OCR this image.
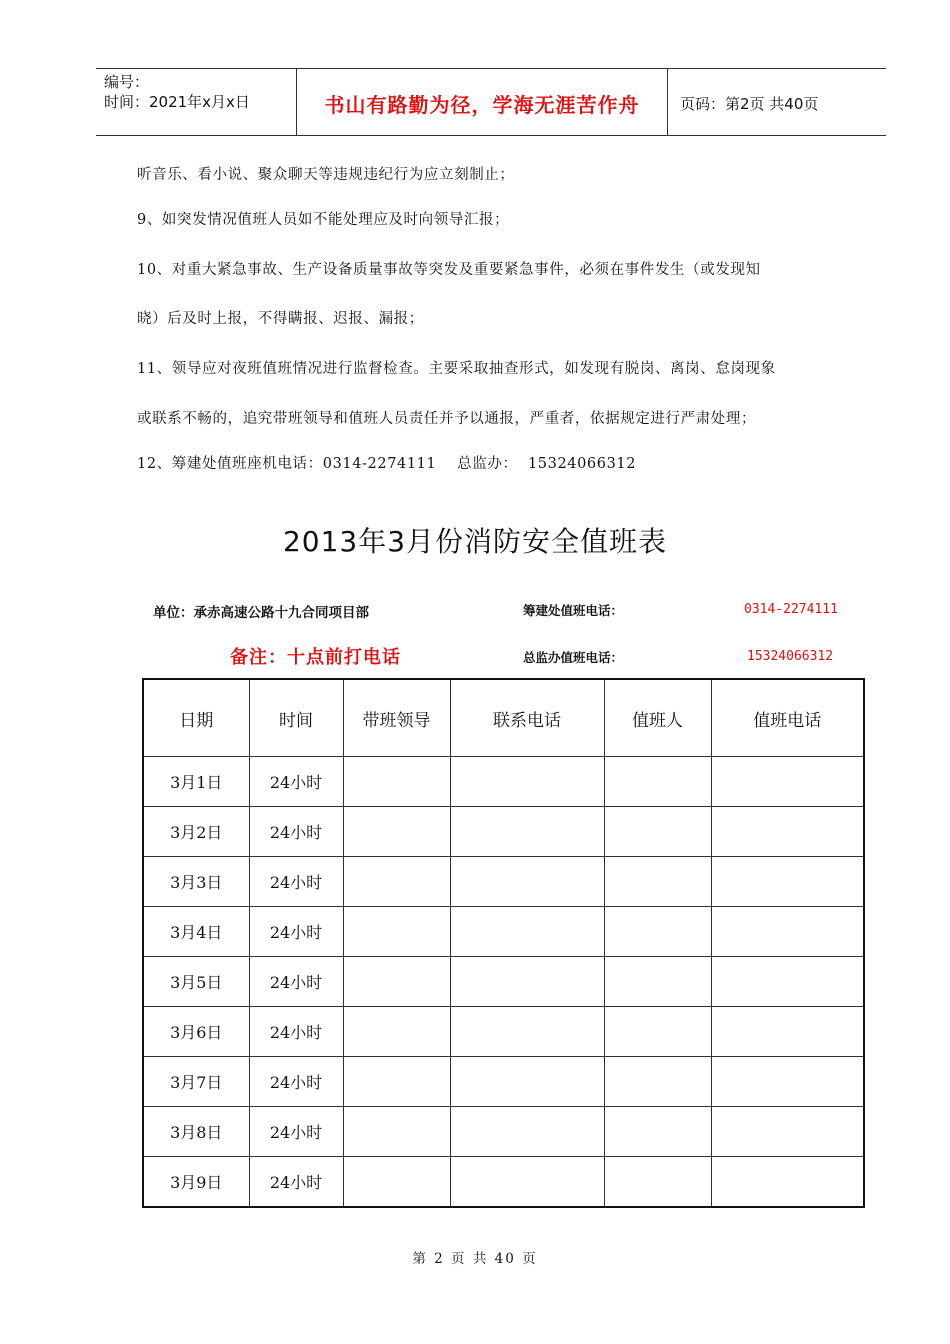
编号：
时间：2021年x月x日	书山有路勤为径，学海无涯苦作舟	页码：第2页 共40页
听音乐、看小说、聚众聊天等违规违纪行为应立刻制止；
9、如突发情况值班人员如不能处理应及时向领导汇报；
10、对重大紧急事故、生产设备质量事故等突发及重要紧急事件，必须在事件发生（或发现知
晓）后及时上报，不得瞒报、迟报、漏报；
11、领导应对夜班值班情况进行监督检查。主要采取抽查形式，如发现有脱岗、离岗、怠岗现象
或联系不畅的，追究带班领导和值班人员责任并予以通报，严重者，依据规定进行严肃处理；
12、筹建处值班座机电话：0314-2274111    总监办：  15324066312
2013年3月份消防安全值班表
单位：承赤高速公路十九合同项目部	筹建处值班电话：	0314-2274111
备注：十点前打电话	总监办值班电话：	15324066312
日期	时间	带班领导	联系电话	值班人	值班电话
3月1日	24小时				
3月2日	24小时				
3月3日	24小时				
3月4日	24小时				
3月5日	24小时				
3月6日	24小时				
3月7日	24小时				
3月8日	24小时				
3月9日	24小时				
第 2 页 共 40 页
